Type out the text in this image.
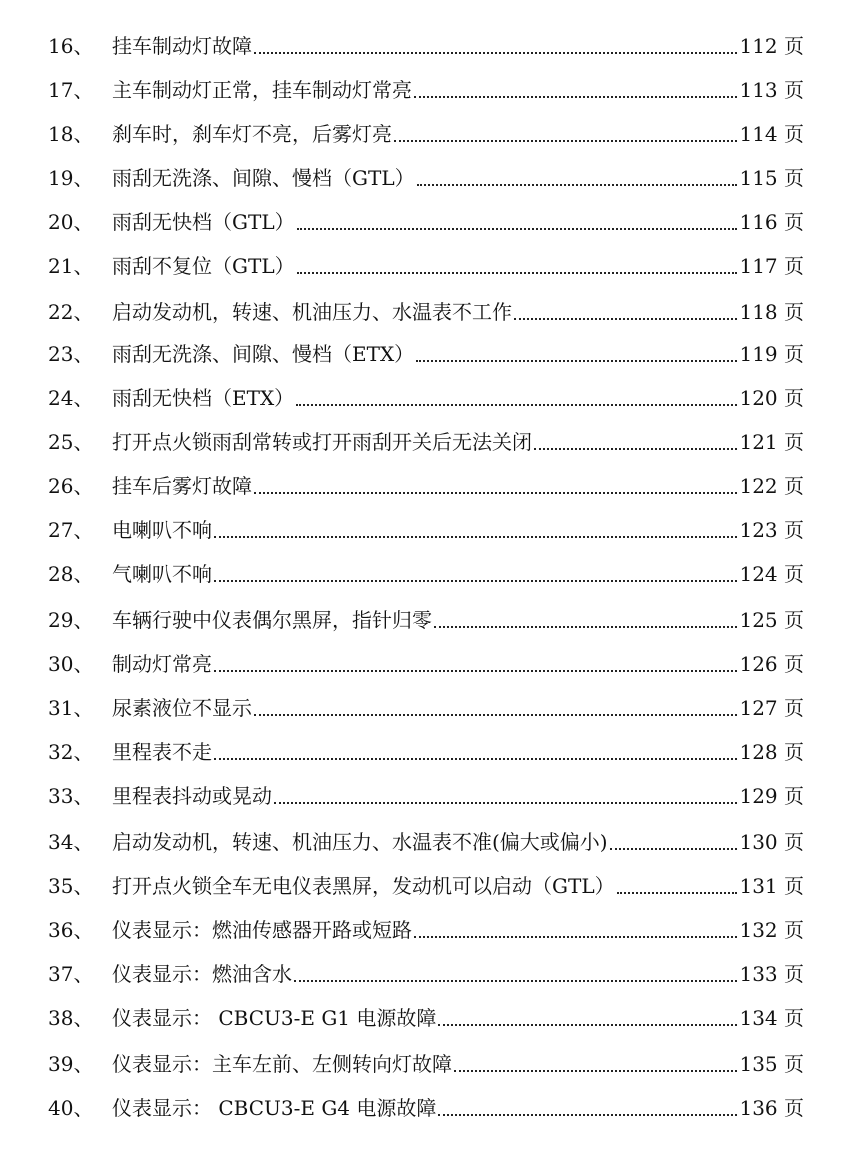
16、 挂车制动灯故障	112 页
17、 主车制动灯正常，挂车制动灯常亮	113 页
18、 刹车时，刹车灯不亮，后雾灯亮	114 页
19、 雨刮无洗涤、间隙、慢档（GTL）	115 页
20、 雨刮无快档（GTL）	116 页
21、 雨刮不复位（GTL）	117 页
22、 启动发动机，转速、机油压力、水温表不工作	118 页
23、 雨刮无洗涤、间隙、慢档（ETX）	119 页
24、 雨刮无快档（ETX）	120 页
25、 打开点火锁雨刮常转或打开雨刮开关后无法关闭	121 页
26、 挂车后雾灯故障	122 页
27、 电喇叭不响	123 页
28、 气喇叭不响	124 页
29、 车辆行驶中仪表偶尔黑屏，指针归零	125 页
30、 制动灯常亮	126 页
31、 尿素液位不显示	127 页
32、 里程表不走	128 页
33、 里程表抖动或晃动	129 页
34、 启动发动机，转速、机油压力、水温表不准(偏大或偏小)	130 页
35、 打开点火锁全车无电仪表黑屏，发动机可以启动（GTL）	131 页
36、 仪表显示：燃油传感器开路或短路	132 页
37、 仪表显示：燃油含水	133 页
38、 仪表显示： CBCU3-E G1 电源故障	134 页
39、 仪表显示：主车左前、左侧转向灯故障	135 页
40、 仪表显示： CBCU3-E G4 电源故障	136 页
